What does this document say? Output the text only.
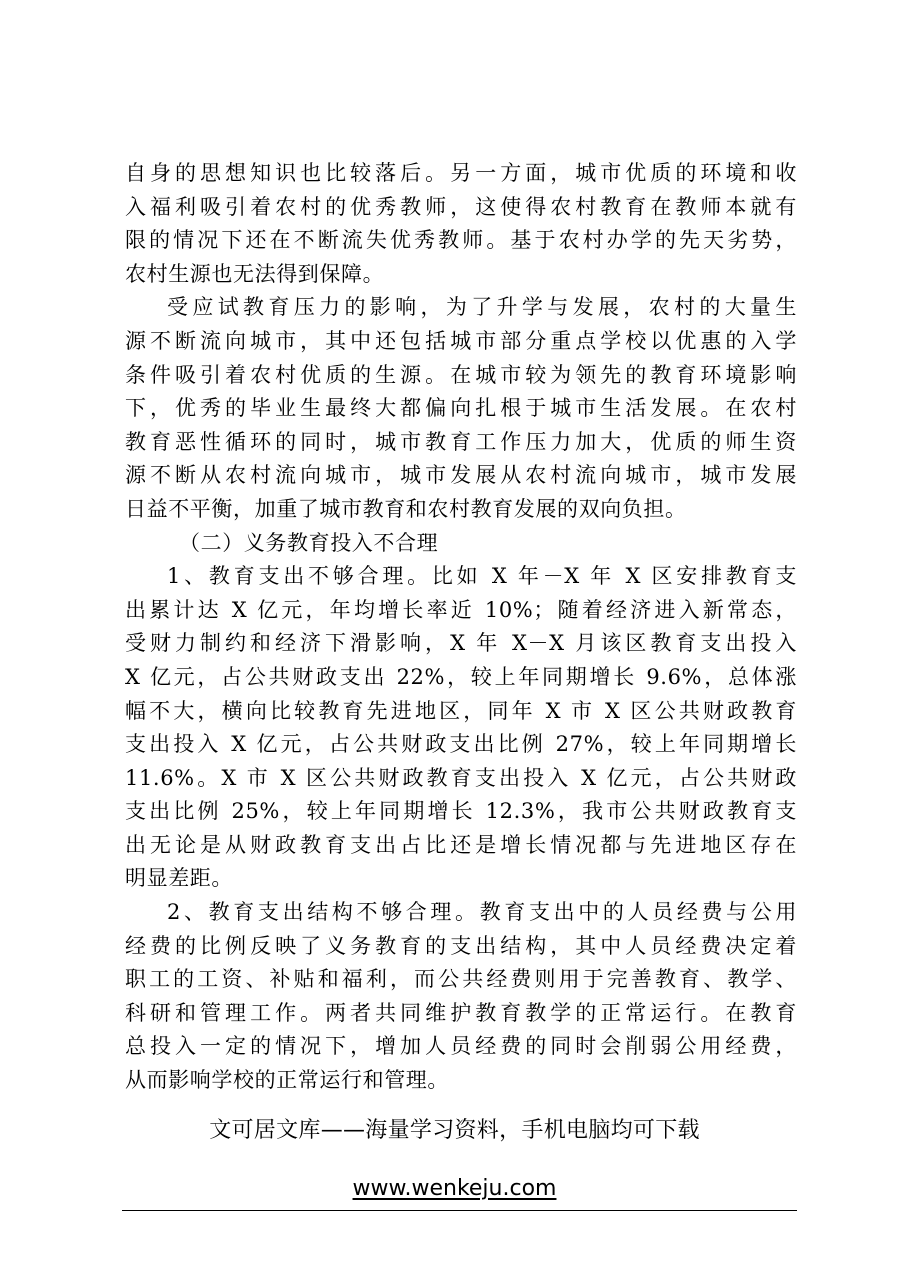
自身的思想知识也比较落后。另一方面，城市优质的环境和收
入福利吸引着农村的优秀教师，这使得农村教育在教师本就有
限的情况下还在不断流失优秀教师。基于农村办学的先天劣势，
农村生源也无法得到保障。
受应试教育压力的影响，为了升学与发展，农村的大量生
源不断流向城市，其中还包括城市部分重点学校以优惠的入学
条件吸引着农村优质的生源。在城市较为领先的教育环境影响
下，优秀的毕业生最终大都偏向扎根于城市生活发展。在农村
教育恶性循环的同时，城市教育工作压力加大，优质的师生资
源不断从农村流向城市，城市发展从农村流向城市，城市发展
日益不平衡，加重了城市教育和农村教育发展的双向负担。
（二）义务教育投入不合理
1、教育支出不够合理。比如 X 年－X 年 X 区安排教育支
出累计达 X 亿元，年均增长率近 10%；随着经济进入新常态，
受财力制约和经济下滑影响，X 年 X－X 月该区教育支出投入
X 亿元，占公共财政支出 22%，较上年同期增长 9.6%，总体涨
幅不大，横向比较教育先进地区，同年 X 市 X 区公共财政教育
支出投入 X 亿元，占公共财政支出比例 27%，较上年同期增长
11.6%。X 市 X 区公共财政教育支出投入 X 亿元，占公共财政
支出比例 25%，较上年同期增长 12.3%，我市公共财政教育支
出无论是从财政教育支出占比还是增长情况都与先进地区存在
明显差距。
2、教育支出结构不够合理。教育支出中的人员经费与公用
经费的比例反映了义务教育的支出结构，其中人员经费决定着
职工的工资、补贴和福利，而公共经费则用于完善教育、教学、
科研和管理工作。两者共同维护教育教学的正常运行。在教育
总投入一定的情况下，增加人员经费的同时会削弱公用经费，
从而影响学校的正常运行和管理。
文可居文库——海量学习资料，手机电脑均可下载
www.wenkeju.com
